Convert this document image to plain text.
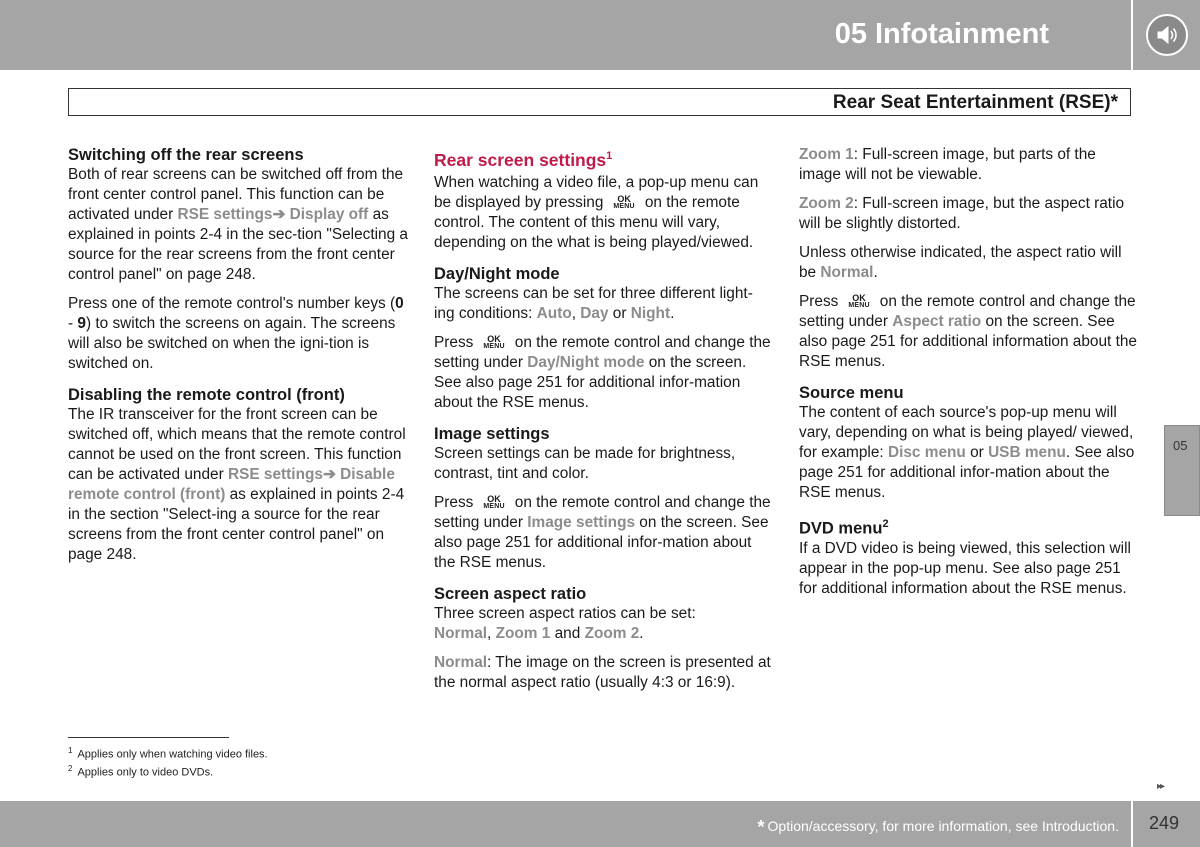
05 Infotainment
Rear Seat Entertainment (RSE)*
Switching off the rear screens

Both of rear screens can be switched off from the front center control panel. This function can be activated under RSE settings➔ Display off as explained in points 2-4 in the sec-tion "Selecting a source for the rear screens from the front center control panel" on page 248.

Press one of the remote control's number keys (0 - 9) to switch the screens on again. The screens will also be switched on when the igni-tion is switched on.

Disabling the remote control (front)

The IR transceiver for the front screen can be switched off, which means that the remote control cannot be used on the front screen. This function can be activated under RSE settings➔ Disable remote control (front) as explained in points 2-4 in the section "Select-ing a source for the rear screens from the front center control panel" on page 248.

Rear screen settings$^1$

When watching a video file, a pop-up menu can be displayed by pressing OK
MENU on the remote control. The content of this menu will vary, depending on the what is being played/viewed.

Day/Night mode

The screens can be set for three different light-ing conditions: Auto, Day or Night.

Press OK
MENU on the remote control and change the setting under Day/Night mode on the screen. See also page 251 for additional infor-mation about the RSE menus.

Image settings

Screen settings can be made for brightness, contrast, tint and color.

Press OK
MENU on the remote control and change the setting under Image settings on the screen. See also page 251 for additional infor-mation about the RSE menus.

Screen aspect ratio

Three screen aspect ratios can be set:
Normal, Zoom 1 and Zoom 2.

Normal: The image on the screen is presented at the normal aspect ratio (usually 4:3 or 16:9).

Zoom 1: Full-screen image, but parts of the image will not be viewable.

Zoom 2: Full-screen image, but the aspect ratio will be slightly distorted.

Unless otherwise indicated, the aspect ratio will be Normal.

Press OK
MENU on the remote control and change the setting under Aspect ratio on the screen. See also page 251 for additional information about the RSE menus.

Source menu

The content of each source's pop-up menu will vary, depending on what is being played/ viewed, for example: Disc menu or USB menu. See also page 251 for additional infor-mation about the RSE menus.

DVD menu$^2$

If a DVD video is being viewed, this selection will appear in the pop-up menu. See also page 251 for additional information about the RSE menus.

$^1$ Applies only when watching video files.
$^2$ Applies only to video DVDs.
05
▸▸
* Option/accessory, for more information, see Introduction. 249
